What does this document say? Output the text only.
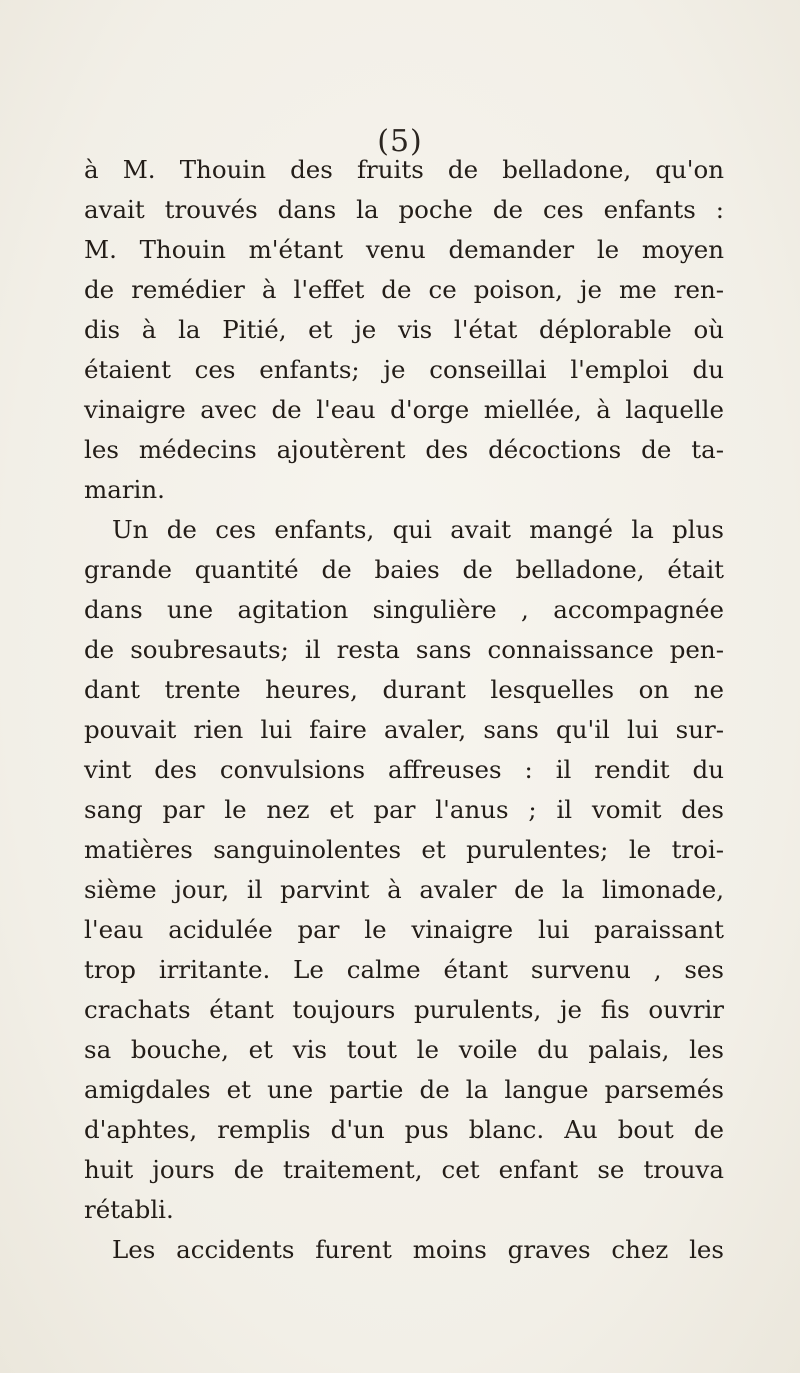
(5)
à M. Thouin des fruits de belladone, qu'on
avait trouvés dans la poche de ces enfants :
M. Thouin m'étant venu demander le moyen
de remédier à l'effet de ce poison, je me ren-
dis à la Pitié, et je vis l'état déplorable où
étaient ces enfants; je conseillai l'emploi du
vinaigre avec de l'eau d'orge miellée, à laquelle
les médecins ajoutèrent des décoctions de ta-
marin.
Un de ces enfants, qui avait mangé la plus
grande quantité de baies de belladone, était
dans une agitation singulière , accompagnée
de soubresauts; il resta sans connaissance pen-
dant trente heures, durant lesquelles on ne
pouvait rien lui faire avaler, sans qu'il lui sur-
vint des convulsions affreuses : il rendit du
sang par le nez et par l'anus ; il vomit des
matières sanguinolentes et purulentes; le troi-
sième jour, il parvint à avaler de la limonade,
l'eau acidulée par le vinaigre lui paraissant
trop irritante. Le calme étant survenu , ses
crachats étant toujours purulents, je fis ouvrir
sa bouche, et vis tout le voile du palais, les
amigdales et une partie de la langue parsemés
d'aphtes, remplis d'un pus blanc. Au bout de
huit jours de traitement, cet enfant se trouva
rétabli.
Les accidents furent moins graves chez les
